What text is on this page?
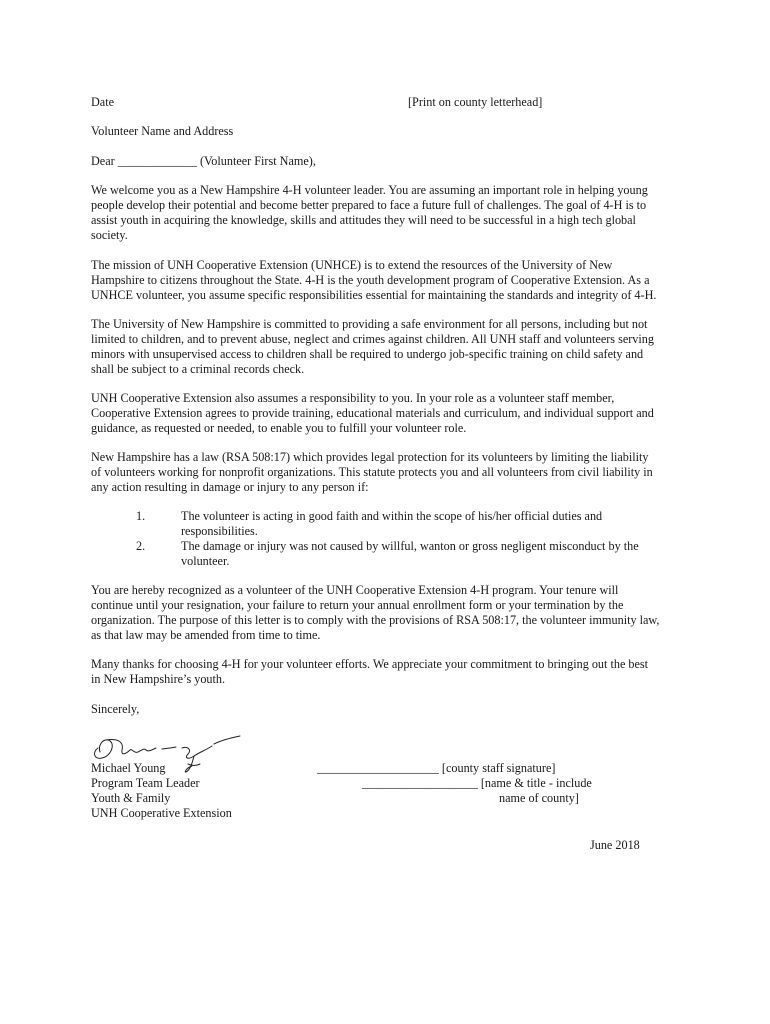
Date	[Print on county letterhead]
Volunteer Name and Address
Dear _____________ (Volunteer First Name),
We welcome you as a New Hampshire 4-H volunteer leader. You are assuming an important role in helping young
people develop their potential and become better prepared to face a future full of challenges. The goal of 4-H is to
assist youth in acquiring the knowledge, skills and attitudes they will need to be successful in a high tech global
society.
The mission of UNH Cooperative Extension (UNHCE) is to extend the resources of the University of New
Hampshire to citizens throughout the State. 4-H is the youth development program of Cooperative Extension. As a
UNHCE volunteer, you assume specific responsibilities essential for maintaining the standards and integrity of 4-H.
The University of New Hampshire is committed to providing a safe environment for all persons, including but not
limited to children, and to prevent abuse, neglect and crimes against children. All UNH staff and volunteers serving
minors with unsupervised access to children shall be required to undergo job-specific training on child safety and
shall be subject to a criminal records check.
UNH Cooperative Extension also assumes a responsibility to you. In your role as a volunteer staff member,
Cooperative Extension agrees to provide training, educational materials and curriculum, and individual support and
guidance, as requested or needed, to enable you to fulfill your volunteer role.
New Hampshire has a law (RSA 508:17) which provides legal protection for its volunteers by limiting the liability
of volunteers working for nonprofit organizations. This statute protects you and all volunteers from civil liability in
any action resulting in damage or injury to any person if:
1.	The volunteer is acting in good faith and within the scope of his/her official duties and
responsibilities.
2.	The damage or injury was not caused by willful, wanton or gross negligent misconduct by the
volunteer.
You are hereby recognized as a volunteer of the UNH Cooperative Extension 4-H program. Your tenure will
continue until your resignation, your failure to return your annual enrollment form or your termination by the
organization. The purpose of this letter is to comply with the provisions of RSA 508:17, the volunteer immunity law,
as that law may be amended from time to time.
Many thanks for choosing 4-H for your volunteer efforts. We appreciate your commitment to bringing out the best
in New Hampshire’s youth.
Sincerely,
Michael Young
Program Team Leader
Youth & Family
UNH Cooperative Extension
____________________ [county staff signature]
___________________ [name & title - include
name of county]
June 2018
